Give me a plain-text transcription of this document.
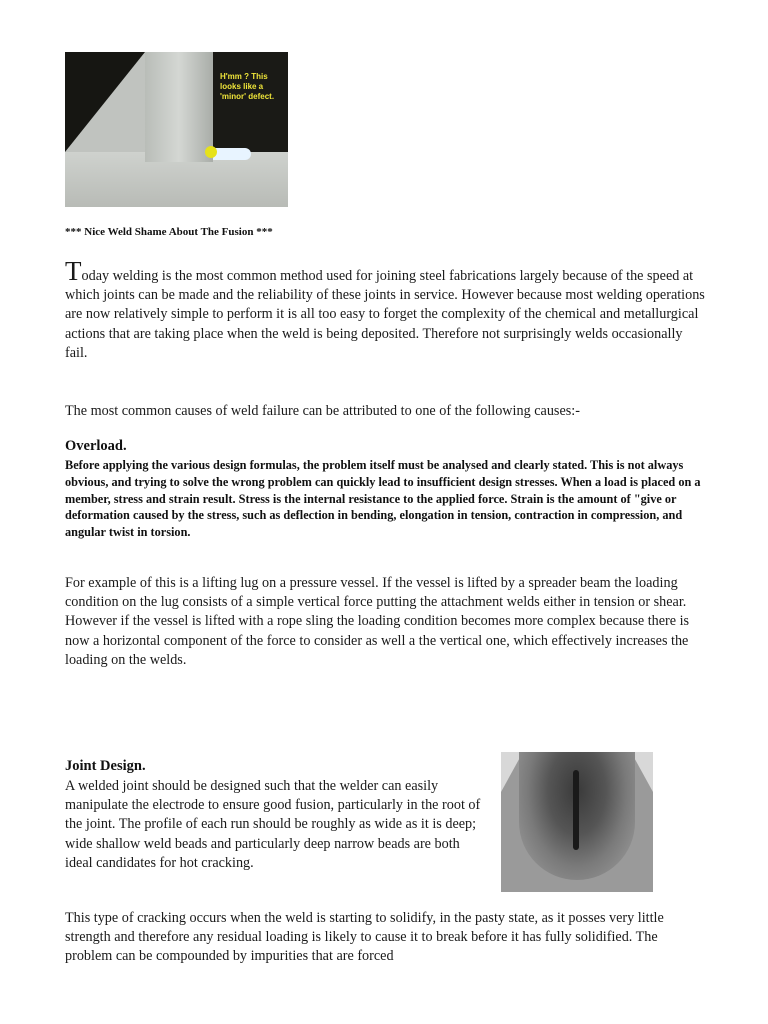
H'mm ? This looks like a 'minor' defect.
*** Nice Weld Shame About The Fusion ***
Today welding is the most common method used for joining steel fabrications largely because of the speed at which joints can be made and the reliability of these joints in service. However because most welding operations are now relatively simple to perform it is all too easy to forget the complexity of the chemical and metallurgical actions that are taking place when the weld is being deposited. Therefore not surprisingly welds occasionally fail.
The most common causes of weld failure can be attributed to one of the following causes:-
Overload.
Before applying the various design formulas, the problem itself must be analysed and clearly stated. This is not always obvious, and trying to solve the wrong problem can quickly lead to insufficient design stresses. When a load is placed on a member, stress and strain result. Stress is the internal resistance to the applied force. Strain is the amount of "give or deformation caused by the stress, such as deflection in bending, elongation in tension, contraction in compression, and angular twist in torsion.
For example of this is a lifting lug on a pressure vessel. If the vessel is lifted by a spreader beam the loading condition on the lug consists of a simple vertical force putting the attachment welds either in tension or shear. However if the vessel is lifted with a rope sling the loading condition becomes more complex because there is now a horizontal component of the force to consider as well a the vertical one, which effectively increases the loading on the welds.
Joint Design.
A welded joint should be designed such that the welder can easily manipulate the electrode to ensure good fusion, particularly in the root of the joint. The profile of each run should be roughly as wide as it is deep; wide shallow weld beads and particularly deep narrow beads are both ideal candidates for hot cracking.
This type of cracking occurs when the weld is starting to solidify, in the pasty state, as it posses very little strength and therefore any residual loading is likely to cause it to break before it has fully solidified. The problem can be compounded by impurities that are forced
